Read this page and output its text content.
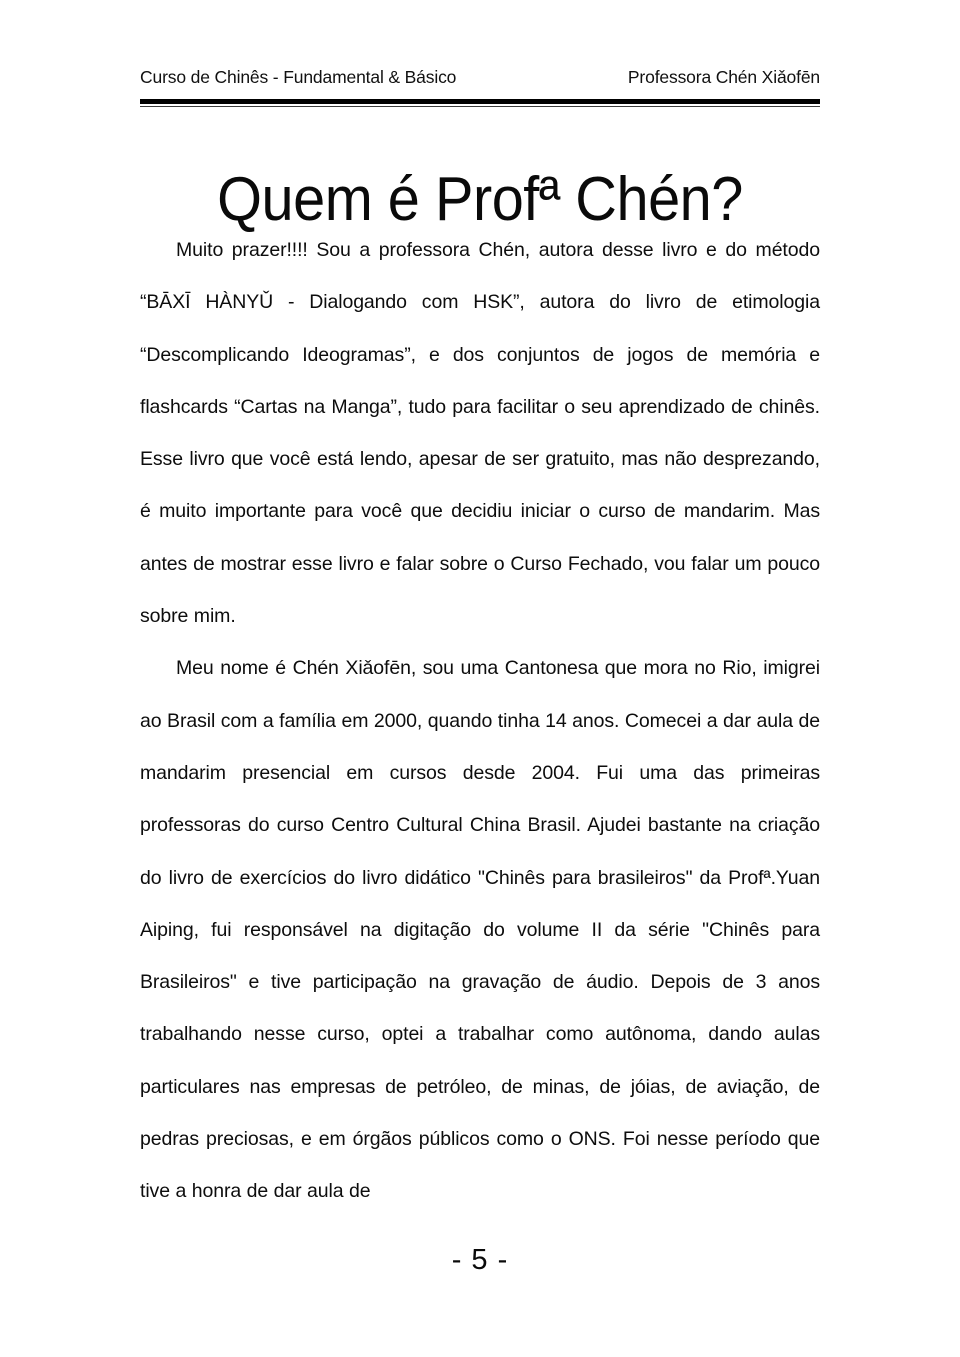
Curso de Chinês - Fundamental & Básico	Professora Chén Xiǎofēn
Quem é Profª Chén?

Muito prazer!!!! Sou a professora Chén, autora desse livro e do método “BĀXĪ HÀNYǓ - Dialogando com HSK”, autora do livro de etimologia “Descomplicando Ideogramas”, e dos conjuntos de jogos de memória e flashcards “Cartas na Manga”, tudo para facilitar o seu aprendizado de chinês. Esse livro que você está lendo, apesar de ser gratuito, mas não desprezando, é muito importante para você que decidiu iniciar o curso de mandarim. Mas antes de mostrar esse livro e falar sobre o Curso Fechado, vou falar um pouco sobre mim.

Meu nome é Chén Xiǎofēn, sou uma Cantonesa que mora no Rio, imigrei ao Brasil com a família em 2000, quando tinha 14 anos. Comecei a dar aula de mandarim presencial em cursos desde 2004. Fui uma das primeiras professoras do curso Centro Cultural China Brasil. Ajudei bastante na criação do livro de exercícios do livro didático "Chinês para brasileiros" da Profª.Yuan Aiping, fui responsável na digitação do volume II da série "Chinês para Brasileiros" e tive participação na gravação de áudio. Depois de 3 anos trabalhando nesse curso, optei a trabalhar como autônoma, dando aulas particulares nas empresas de petróleo, de minas, de jóias, de aviação, de pedras preciosas, e em órgãos públicos como o ONS. Foi nesse período que tive a honra de dar aula de

- 5 -
